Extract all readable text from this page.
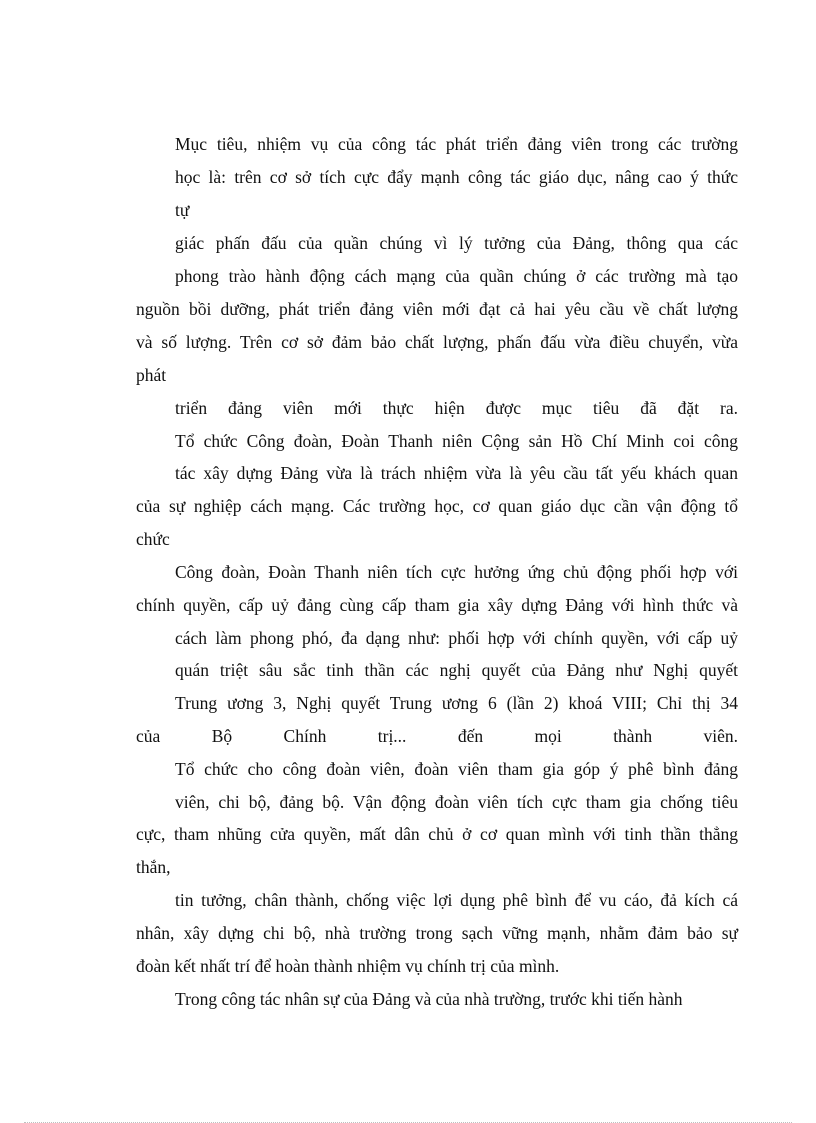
Mục tiêu, nhiệm vụ của công tác phát triển đảng viên trong các trường

học là: trên cơ sở tích cực đẩy mạnh công tác giáo dục, nâng cao ý thức

tự

giác phấn đấu của quần chúng vì lý tưởng của Đảng, thông qua các

phong trào hành động cách mạng của quần chúng ở các trường mà tạo

nguồn bồi dưỡng, phát triển đảng viên mới đạt cả hai yêu cầu về chất lượng

và số lượng. Trên cơ sở đảm bảo chất lượng, phấn đấu vừa điều chuyển, vừa

phát

triển đảng viên mới thực hiện được mục tiêu đã đặt ra.

Tổ chức Công đoàn, Đoàn Thanh niên Cộng sản Hồ Chí Minh coi công

tác xây dựng Đảng vừa là trách nhiệm vừa là yêu cầu tất yếu khách quan

của sự nghiệp cách mạng. Các trường học, cơ quan giáo dục cần vận động tổ

chức

Công đoàn, Đoàn Thanh niên tích cực hưởng ứng chủ động phối hợp với

chính quyền, cấp uỷ đảng cùng cấp tham gia xây dựng Đảng với hình thức và

cách làm phong phó, đa dạng như: phối hợp với chính quyền, với cấp uỷ

quán triệt sâu sắc tinh thần các nghị quyết của Đảng như Nghị quyết

Trung ương 3, Nghị quyết Trung ương 6 (lần 2) khoá VIII; Chỉ thị 34

của Bộ Chính trị... đến mọi thành viên.

Tổ chức cho công đoàn viên, đoàn viên tham gia góp ý phê bình đảng

viên, chi bộ, đảng bộ. Vận động đoàn viên tích cực tham gia chống tiêu

cực, tham nhũng cửa quyền, mất dân chủ ở cơ quan mình với tinh thần thẳng

thắn,

tin tưởng, chân thành, chống việc lợi dụng phê bình để vu cáo, đả kích cá

nhân, xây dựng chi bộ, nhà trường trong sạch vững mạnh, nhằm đảm bảo sự

đoàn kết nhất trí để hoàn thành nhiệm vụ chính trị của mình.

Trong công tác nhân sự của Đảng và của nhà trường, trước khi tiến hành
